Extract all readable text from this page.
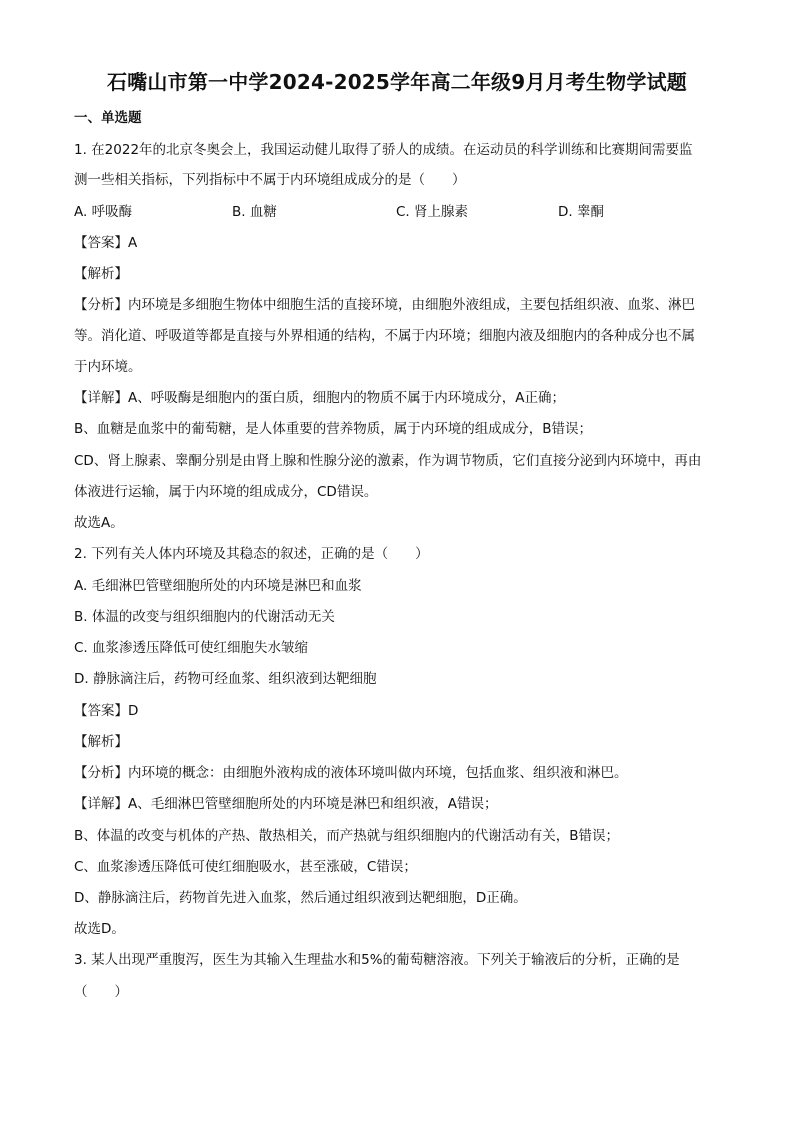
石嘴山市第一中学2024-2025学年高二年级9月月考生物学试题
一、单选题
1. 在2022年的北京冬奥会上，我国运动健儿取得了骄人的成绩。在运动员的科学训练和比赛期间需要监
测一些相关指标，下列指标中不属于内环境组成成分的是（　　）
A. 呼吸酶	B. 血糖	C. 肾上腺素	D. 睾酮
【答案】A
【解析】
【分析】内环境是多细胞生物体中细胞生活的直接环境，由细胞外液组成，主要包括组织液、血浆、淋巴
等。消化道、呼吸道等都是直接与外界相通的结构，不属于内环境；细胞内液及细胞内的各种成分也不属
于内环境。
【详解】A、呼吸酶是细胞内的蛋白质，细胞内的物质不属于内环境成分，A正确；
B、血糖是血浆中的葡萄糖，是人体重要的营养物质，属于内环境的组成成分，B错误；
CD、肾上腺素、睾酮分别是由肾上腺和性腺分泌的激素，作为调节物质，它们直接分泌到内环境中，再由
体液进行运输，属于内环境的组成成分，CD错误。
故选A。
2. 下列有关人体内环境及其稳态的叙述，正确的是（　　）
A. 毛细淋巴管壁细胞所处的内环境是淋巴和血浆
B. 体温的改变与组织细胞内的代谢活动无关
C. 血浆渗透压降低可使红细胞失水皱缩
D. 静脉滴注后，药物可经血浆、组织液到达靶细胞
【答案】D
【解析】
【分析】内环境的概念：由细胞外液构成的液体环境叫做内环境，包括血浆、组织液和淋巴。
【详解】A、毛细淋巴管壁细胞所处的内环境是淋巴和组织液，A错误；
B、体温的改变与机体的产热、散热相关，而产热就与组织细胞内的代谢活动有关，B错误；
C、血浆渗透压降低可使红细胞吸水，甚至涨破，C错误；
D、静脉滴注后，药物首先进入血浆，然后通过组织液到达靶细胞，D正确。
故选D。
3. 某人出现严重腹泻，医生为其输入生理盐水和5%的葡萄糖溶液。下列关于输液后的分析，正确的是
（　　）
